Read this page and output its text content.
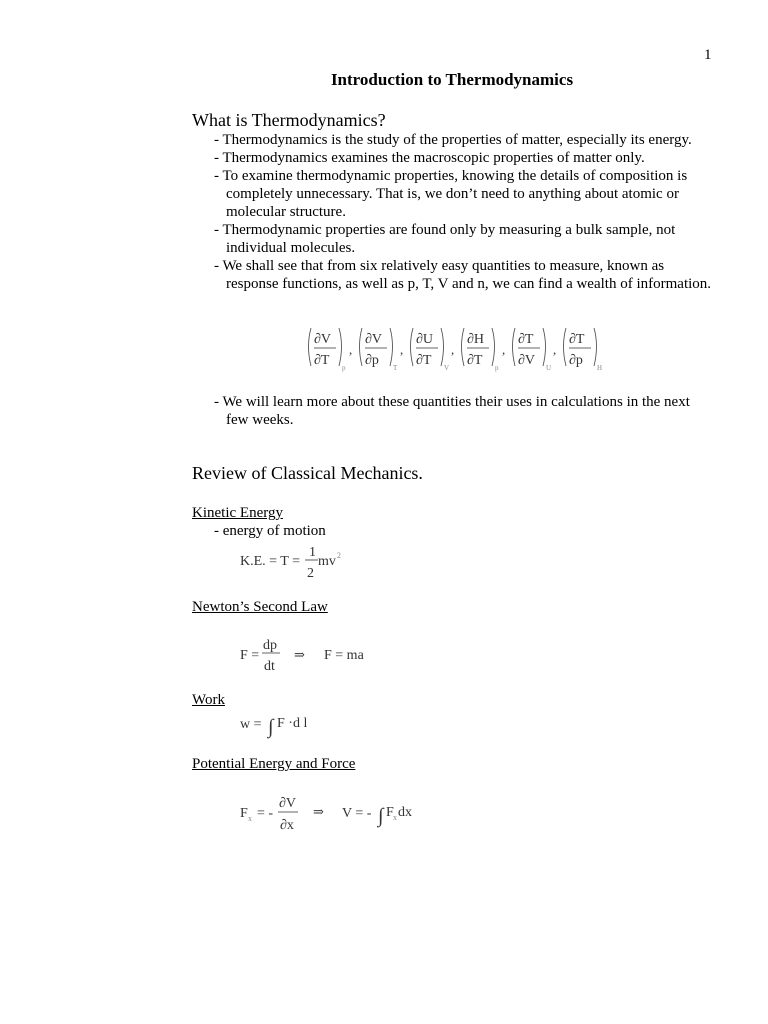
1
Introduction to Thermodynamics
What is Thermodynamics?
- Thermodynamics is the study of the properties of matter, especially its energy.
- Thermodynamics examines the macroscopic properties of matter only.
- To examine thermodynamic properties, knowing the details of composition is completely unnecessary. That is, we don’t need to anything about atomic or molecular structure.
- Thermodynamic properties are found only by measuring a bulk sample, not individual molecules.
- We shall see that from six relatively easy quantities to measure, known as response functions, as well as p, T, V and n, we can find a wealth of information.
∂V
∂T p
,
∂V
∂p T
,
∂U
∂T V
,
∂H
∂T p
,
∂T
∂V U
,
∂T
∂p H
- We will learn more about these quantities their uses in calculations in the next few weeks.
Review of Classical Mechanics.
Kinetic Energy
- energy of motion
K.E. = T =
1
2
mv 2
Newton’s Second Law
F =
dp
dt
⇒ F = ma
Work
w = ∫ F ·d l
Potential Energy and Force
F x = -
∂V
∂x
⇒ V = - ∫ F x dx
